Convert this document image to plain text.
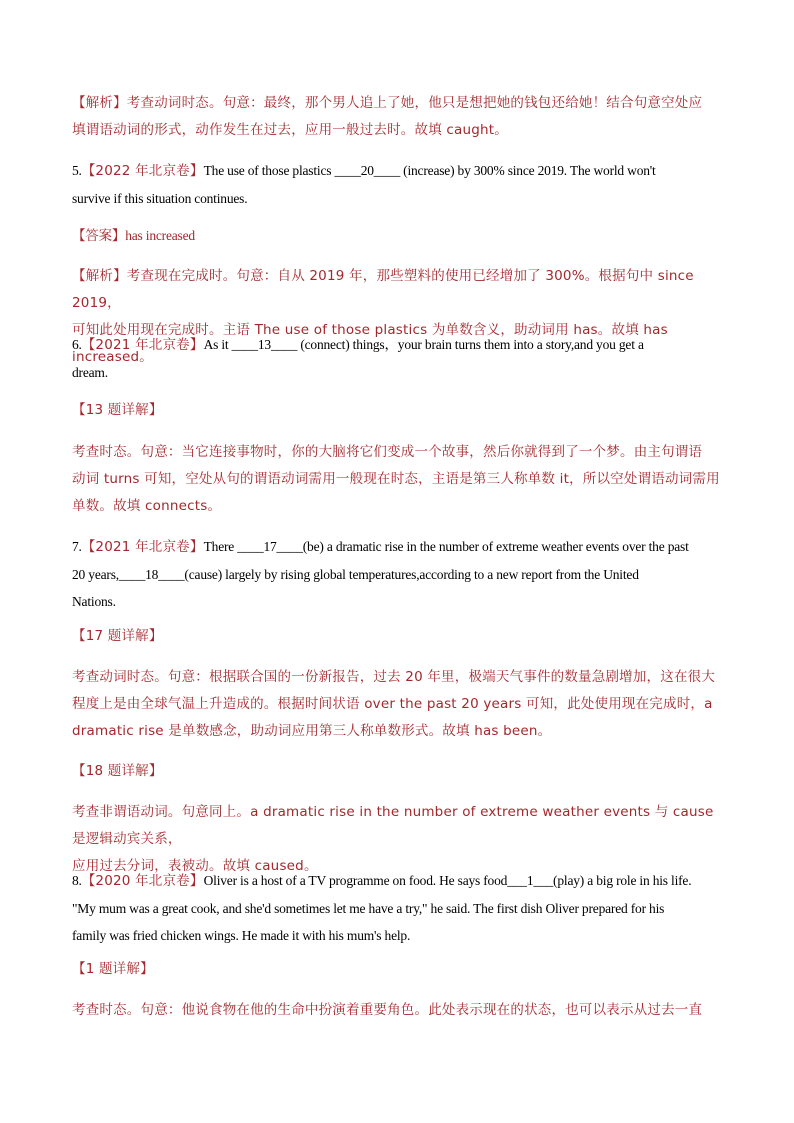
【解析】考查动词时态。句意：最终，那个男人追上了她，他只是想把她的钱包还给她！结合句意空处应
填谓语动词的形式，动作发生在过去，应用一般过去时。故填 caught。
5.【2022 年北京卷】The use of those plastics ____20____ (increase) by 300% since 2019. The world won't
survive if this situation continues.
【答案】has increased
【解析】考查现在完成时。句意：自从 2019 年，那些塑料的使用已经增加了 300%。根据句中 since 2019，
可知此处用现在完成时。主语 The use of those plastics 为单数含义，助动词用 has。故填 has increased。
6.【2021 年北京卷】As it ____13____ (connect) things，your brain turns them into a story,and you get a
dream.
【13 题详解】
考查时态。句意：当它连接事物时，你的大脑将它们变成一个故事，然后你就得到了一个梦。由主句谓语
动词 turns 可知，空处从句的谓语动词需用一般现在时态，主语是第三人称单数 it，所以空处谓语动词需用
单数。故填 connects。
7.【2021 年北京卷】There ____17____(be) a dramatic rise in the number of extreme weather events over the past
20 years,____18____(cause) largely by rising global temperatures,according to a new report from the United
Nations.
【17 题详解】
考查动词时态。句意：根据联合国的一份新报告，过去 20 年里，极端天气事件的数量急剧增加，这在很大
程度上是由全球气温上升造成的。根据时间状语 over the past 20 years 可知，此处使用现在完成时，a
dramatic rise 是单数感念，助动词应用第三人称单数形式。故填 has been。
【18 题详解】
考查非谓语动词。句意同上。a dramatic rise in the number of extreme weather events 与 cause 是逻辑动宾关系，
应用过去分词，表被动。故填 caused。
8.【2020 年北京卷】Oliver is a host of a TV programme on food. He says food___1___(play) a big role in his life.
"My mum was a great cook, and she'd sometimes let me have a try," he said. The first dish Oliver prepared for his
family was fried chicken wings. He made it with his mum's help.
【1 题详解】
考查时态。句意：他说食物在他的生命中扮演着重要角色。此处表示现在的状态，也可以表示从过去一直
